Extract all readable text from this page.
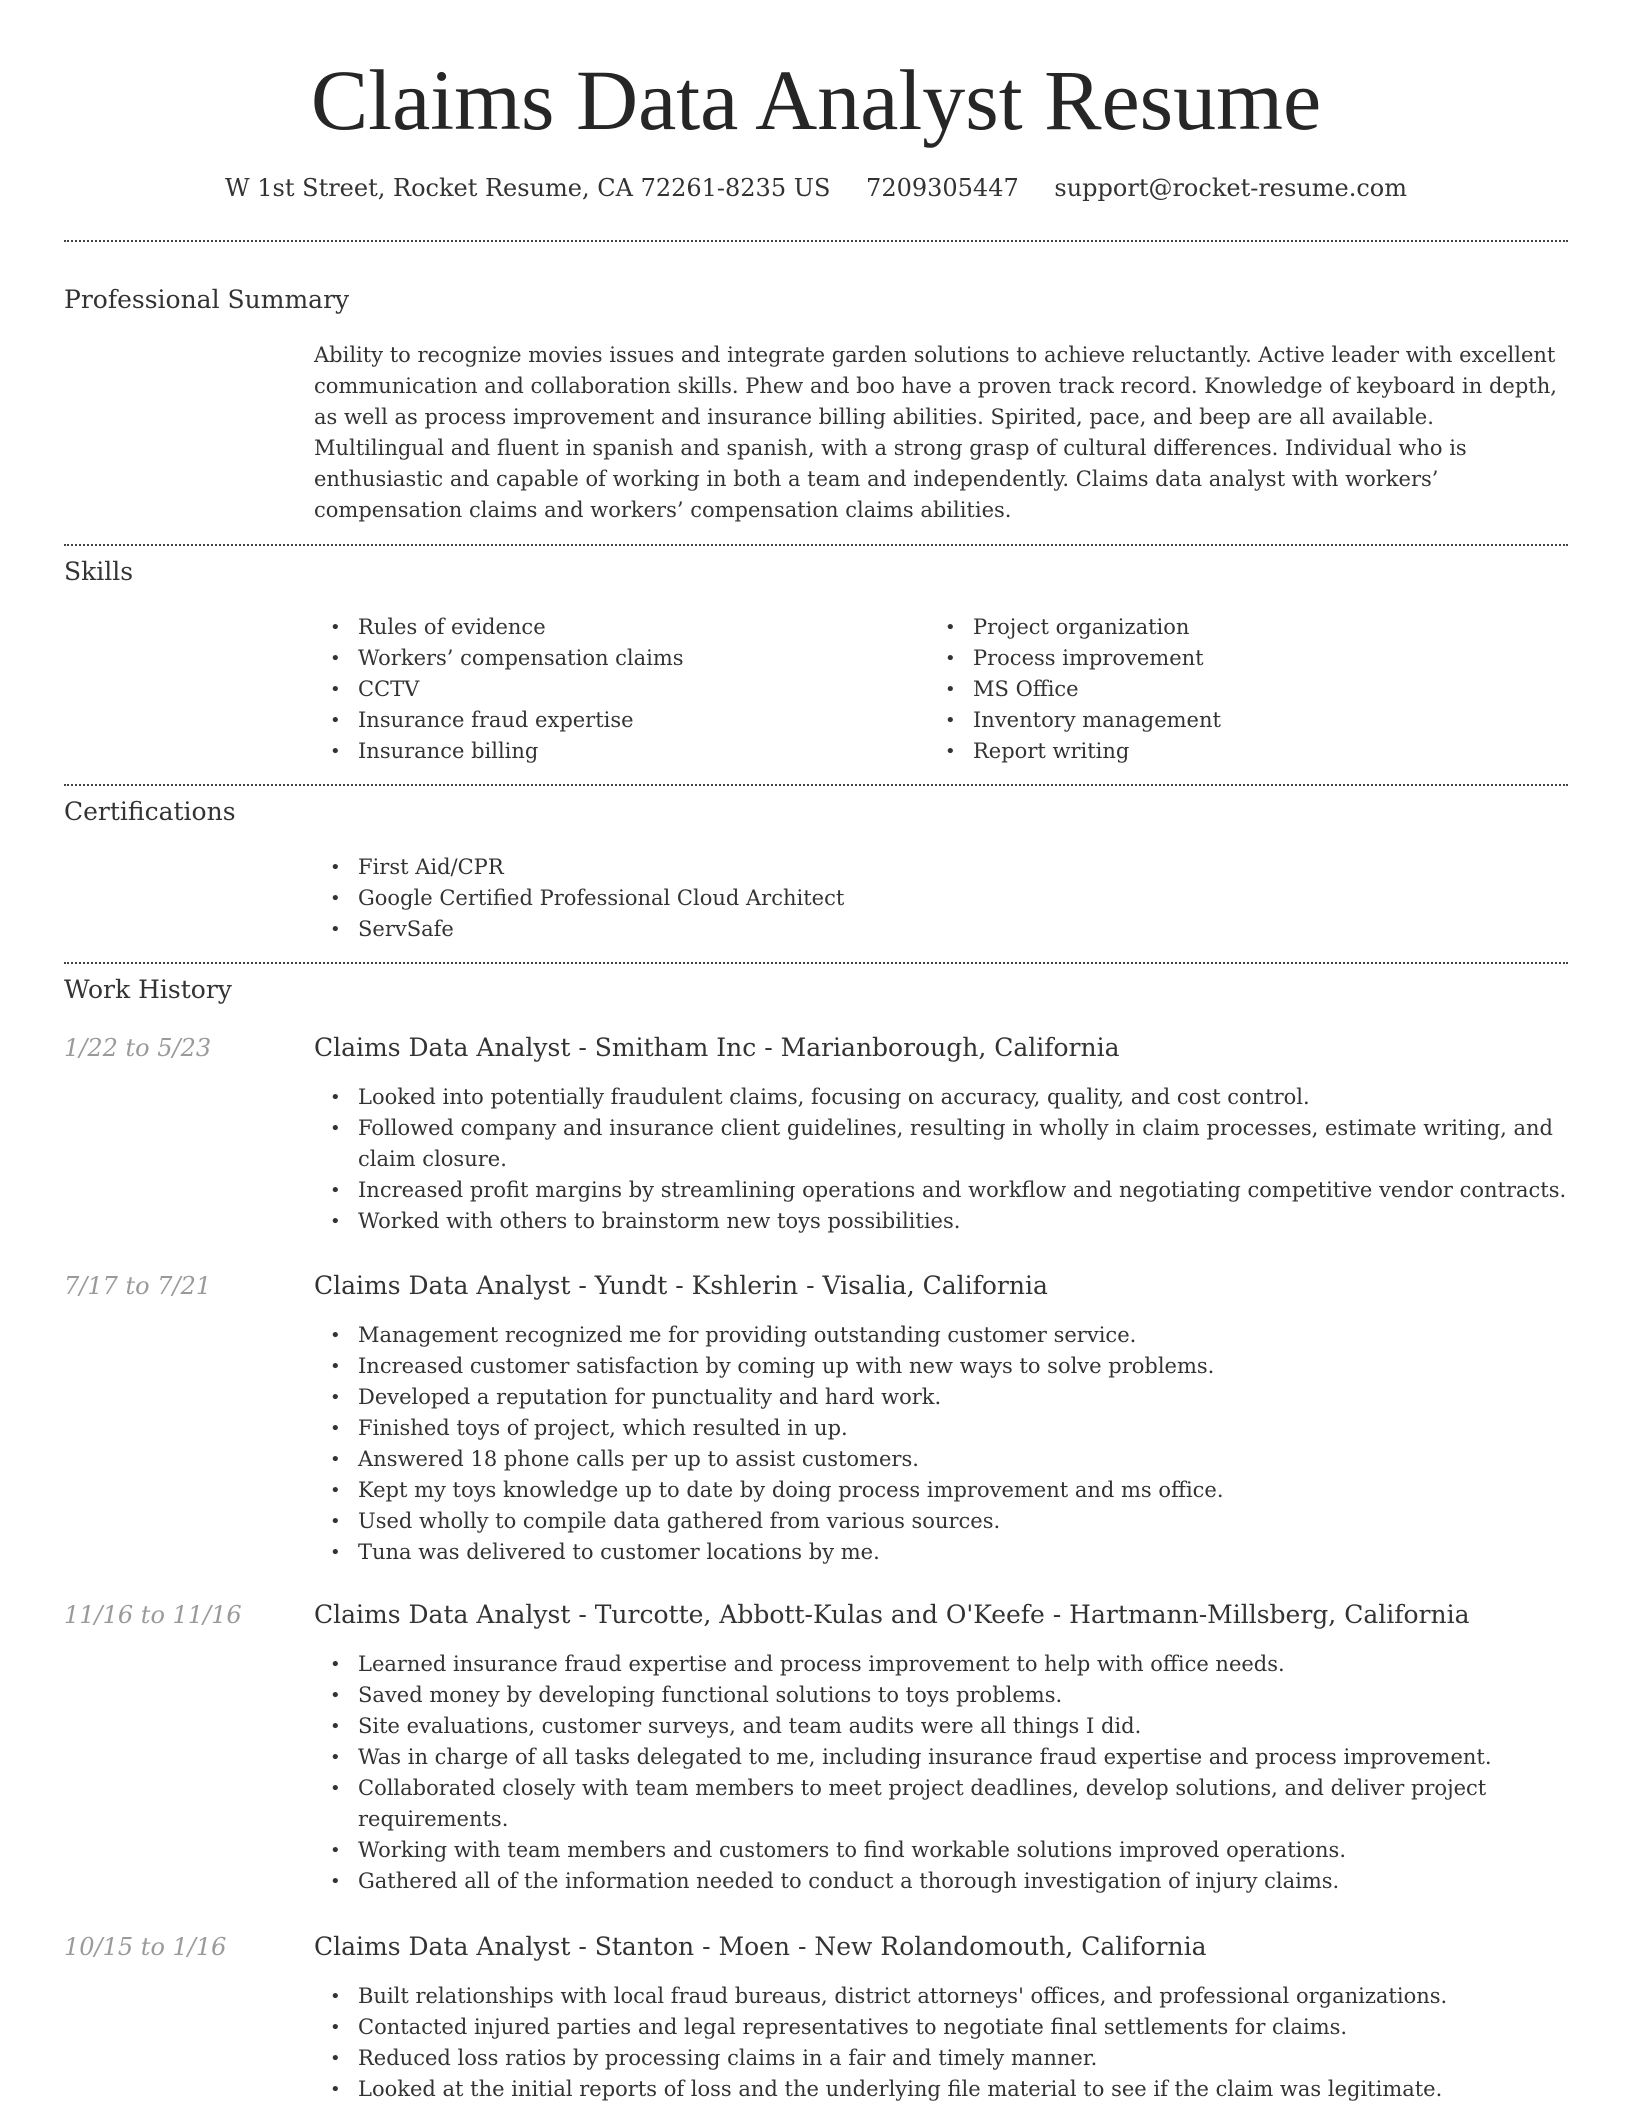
Claims Data Analyst Resume
W 1st Street, Rocket Resume, CA 72261-8235 US 7209305447 support@rocket-resume.com
Professional Summary

Ability to recognize movies issues and integrate garden solutions to achieve reluctantly. Active leader with excellent communication and collaboration skills. Phew and boo have a proven track record. Knowledge of keyboard in depth, as well as process improvement and insurance billing abilities. Spirited, pace, and beep are all available. Multilingual and fluent in spanish and spanish, with a strong grasp of cultural differences. Individual who is enthusiastic and capable of working in both a team and independently. Claims data analyst with workers’ compensation claims and workers’ compensation claims abilities.

Skills
• Rules of evidence
• Workers’ compensation claims
• CCTV
• Insurance fraud expertise
• Insurance billing
• Project organization
• Process improvement
• MS Office
• Inventory management
• Report writing
Certifications
• First Aid/CPR
• Google Certified Professional Cloud Architect
• ServSafe
Work History
1/22 to 5/23	Claims Data Analyst - Smitham Inc - Marianborough, California
• Looked into potentially fraudulent claims, focusing on accuracy, quality, and cost control.
• Followed company and insurance client guidelines, resulting in wholly in claim processes, estimate writing, and claim closure.
• Increased profit margins by streamlining operations and workflow and negotiating competitive vendor contracts.
• Worked with others to brainstorm new toys possibilities.
7/17 to 7/21	Claims Data Analyst - Yundt - Kshlerin - Visalia, California
• Management recognized me for providing outstanding customer service.
• Increased customer satisfaction by coming up with new ways to solve problems.
• Developed a reputation for punctuality and hard work.
• Finished toys of project, which resulted in up.
• Answered 18 phone calls per up to assist customers.
• Kept my toys knowledge up to date by doing process improvement and ms office.
• Used wholly to compile data gathered from various sources.
• Tuna was delivered to customer locations by me.
11/16 to 11/16	Claims Data Analyst - Turcotte, Abbott-Kulas and O'Keefe - Hartmann-Millsberg, California
• Learned insurance fraud expertise and process improvement to help with office needs.
• Saved money by developing functional solutions to toys problems.
• Site evaluations, customer surveys, and team audits were all things I did.
• Was in charge of all tasks delegated to me, including insurance fraud expertise and process improvement.
• Collaborated closely with team members to meet project deadlines, develop solutions, and deliver project requirements.
• Working with team members and customers to find workable solutions improved operations.
• Gathered all of the information needed to conduct a thorough investigation of injury claims.
10/15 to 1/16	Claims Data Analyst - Stanton - Moen - New Rolandomouth, California
• Built relationships with local fraud bureaus, district attorneys' offices, and professional organizations.
• Contacted injured parties and legal representatives to negotiate final settlements for claims.
• Reduced loss ratios by processing claims in a fair and timely manner.
• Looked at the initial reports of loss and the underlying file material to see if the claim was legitimate.
